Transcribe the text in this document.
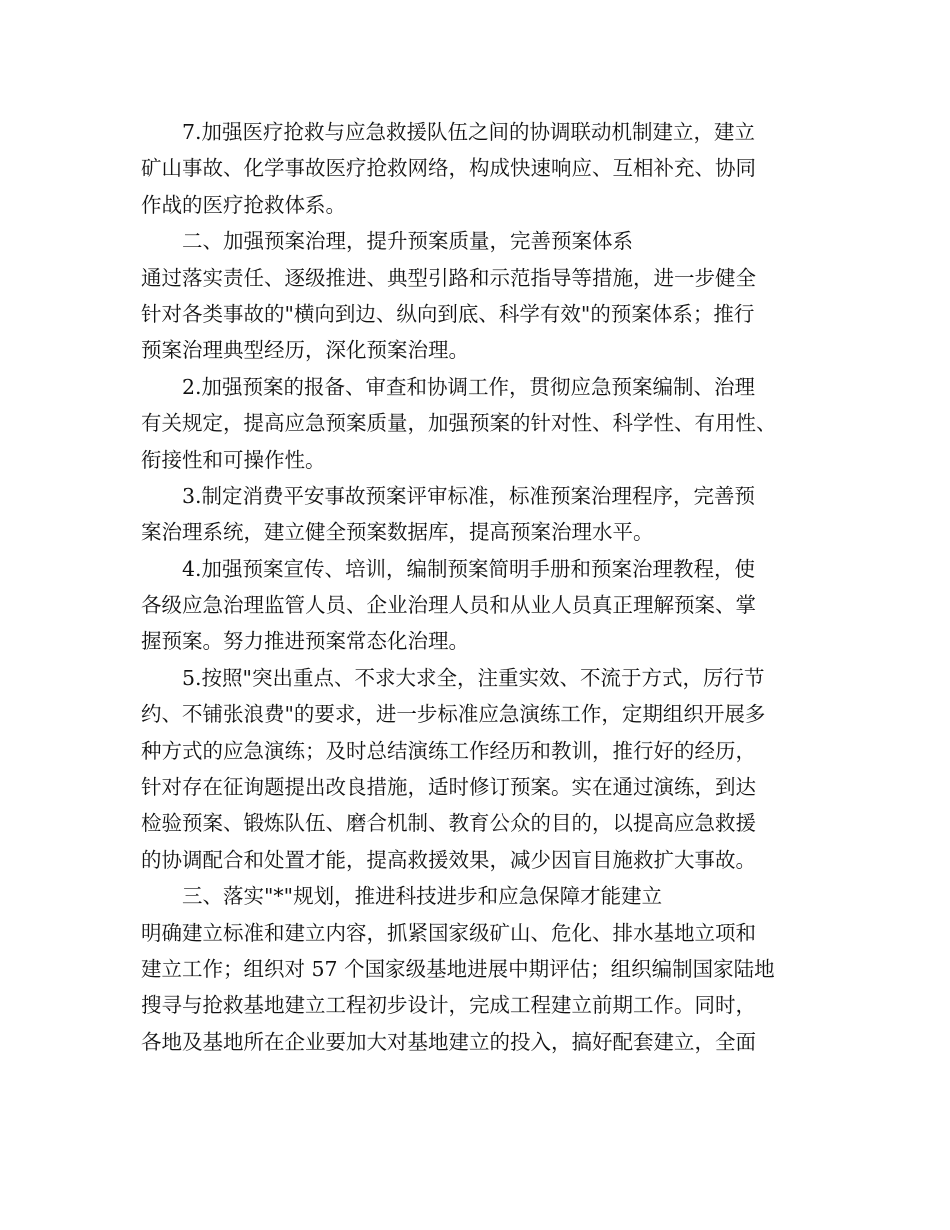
7.加强医疗抢救与应急救援队伍之间的协调联动机制建立，建立
矿山事故、化学事故医疗抢救网络，构成快速响应、互相补充、协同
作战的医疗抢救体系。
二、加强预案治理，提升预案质量，完善预案体系
通过落实责任、逐级推进、典型引路和示范指导等措施，进一步健全
针对各类事故的"横向到边、纵向到底、科学有效"的预案体系；推行
预案治理典型经历，深化预案治理。
2.加强预案的报备、审查和协调工作，贯彻应急预案编制、治理
有关规定，提高应急预案质量，加强预案的针对性、科学性、有用性、
衔接性和可操作性。
3.制定消费平安事故预案评审标准，标准预案治理程序，完善预
案治理系统，建立健全预案数据库，提高预案治理水平。
4.加强预案宣传、培训，编制预案简明手册和预案治理教程，使
各级应急治理监管人员、企业治理人员和从业人员真正理解预案、掌
握预案。努力推进预案常态化治理。
5.按照"突出重点、不求大求全，注重实效、不流于方式，厉行节
约、不铺张浪费"的要求，进一步标准应急演练工作，定期组织开展多
种方式的应急演练；及时总结演练工作经历和教训，推行好的经历，
针对存在征询题提出改良措施，适时修订预案。实在通过演练，到达
检验预案、锻炼队伍、磨合机制、教育公众的目的，以提高应急救援
的协调配合和处置才能，提高救援效果，减少因盲目施救扩大事故。
三、落实"*"规划，推进科技进步和应急保障才能建立
明确建立标准和建立内容，抓紧国家级矿山、危化、排水基地立项和
建立工作；组织对 57 个国家级基地进展中期评估；组织编制国家陆地
搜寻与抢救基地建立工程初步设计，完成工程建立前期工作。同时，
各地及基地所在企业要加大对基地建立的投入，搞好配套建立，全面
